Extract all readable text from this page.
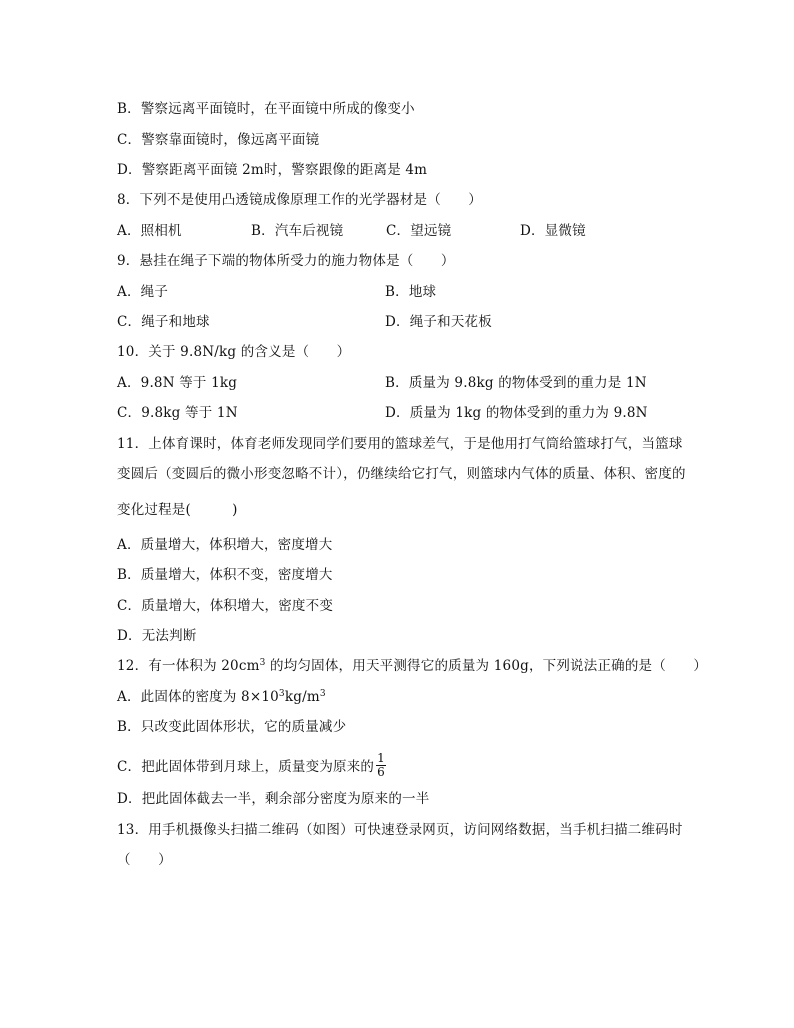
B．警察远离平面镜时，在平面镜中所成的像变小
C．警察靠面镜时，像远离平面镜
D．警察距离平面镜 2m时，警察跟像的距离是 4m
8．下列不是使用凸透镜成像原理工作的光学器材是（　　）
A．照相机	B．汽车后视镜	C．望远镜	D．显微镜
9．悬挂在绳子下端的物体所受力的施力物体是（　　）
A．绳子	B．地球
C．绳子和地球	D．绳子和天花板
10．关于 9.8N/kg 的含义是（　　）
A．9.8N 等于 1kg	B．质量为 9.8kg 的物体受到的重力是 1N
C．9.8kg 等于 1N	D．质量为 1kg 的物体受到的重力为 9.8N
11．上体育课时，体育老师发现同学们要用的篮球差气，于是他用打气筒给篮球打气，当篮球
变圆后（变圆后的微小形变忽略不计），仍继续给它打气，则篮球内气体的质量、体积、密度的
变化过程是(　　　)
A．质量增大，体积增大，密度增大
B．质量增大，体积不变，密度增大
C．质量增大，体积增大，密度不变
D．无法判断
12．有一体积为 $20cm^3$ 的均匀固体，用天平测得它的质量为 160g，下列说法正确的是（　　）
A．此固体的密度为 $8\times 10^3kg/m^3$
B．只改变此固体形状，它的质量减少
C．把此固体带到月球上，质量变为原来的 $\frac{1}{6}$
D．把此固体截去一半，剩余部分密度为原来的一半
13．用手机摄像头扫描二维码（如图）可快速登录网页，访问网络数据，当手机扫描二维码时
（　　）
